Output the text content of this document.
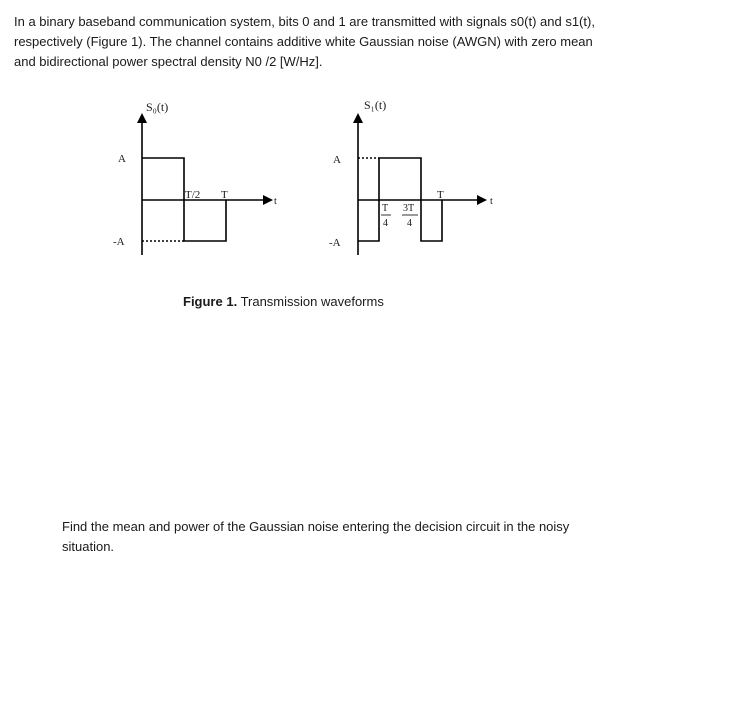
In a binary baseband communication system, bits 0 and 1 are transmitted with signals s0(t) and s1(t),
respectively (Figure 1). The channel contains additive white Gaussian noise (AWGN) with zero mean
and bidirectional power spectral density N0 /2 [W/Hz].
S₀(t)
A
-A
T/2 T
t
S₁(t)
A
-A
T
4
3T
4
T
t
Figure 1. Transmission waveforms
Find the mean and power of the Gaussian noise entering the decision circuit in the noisy
situation.
